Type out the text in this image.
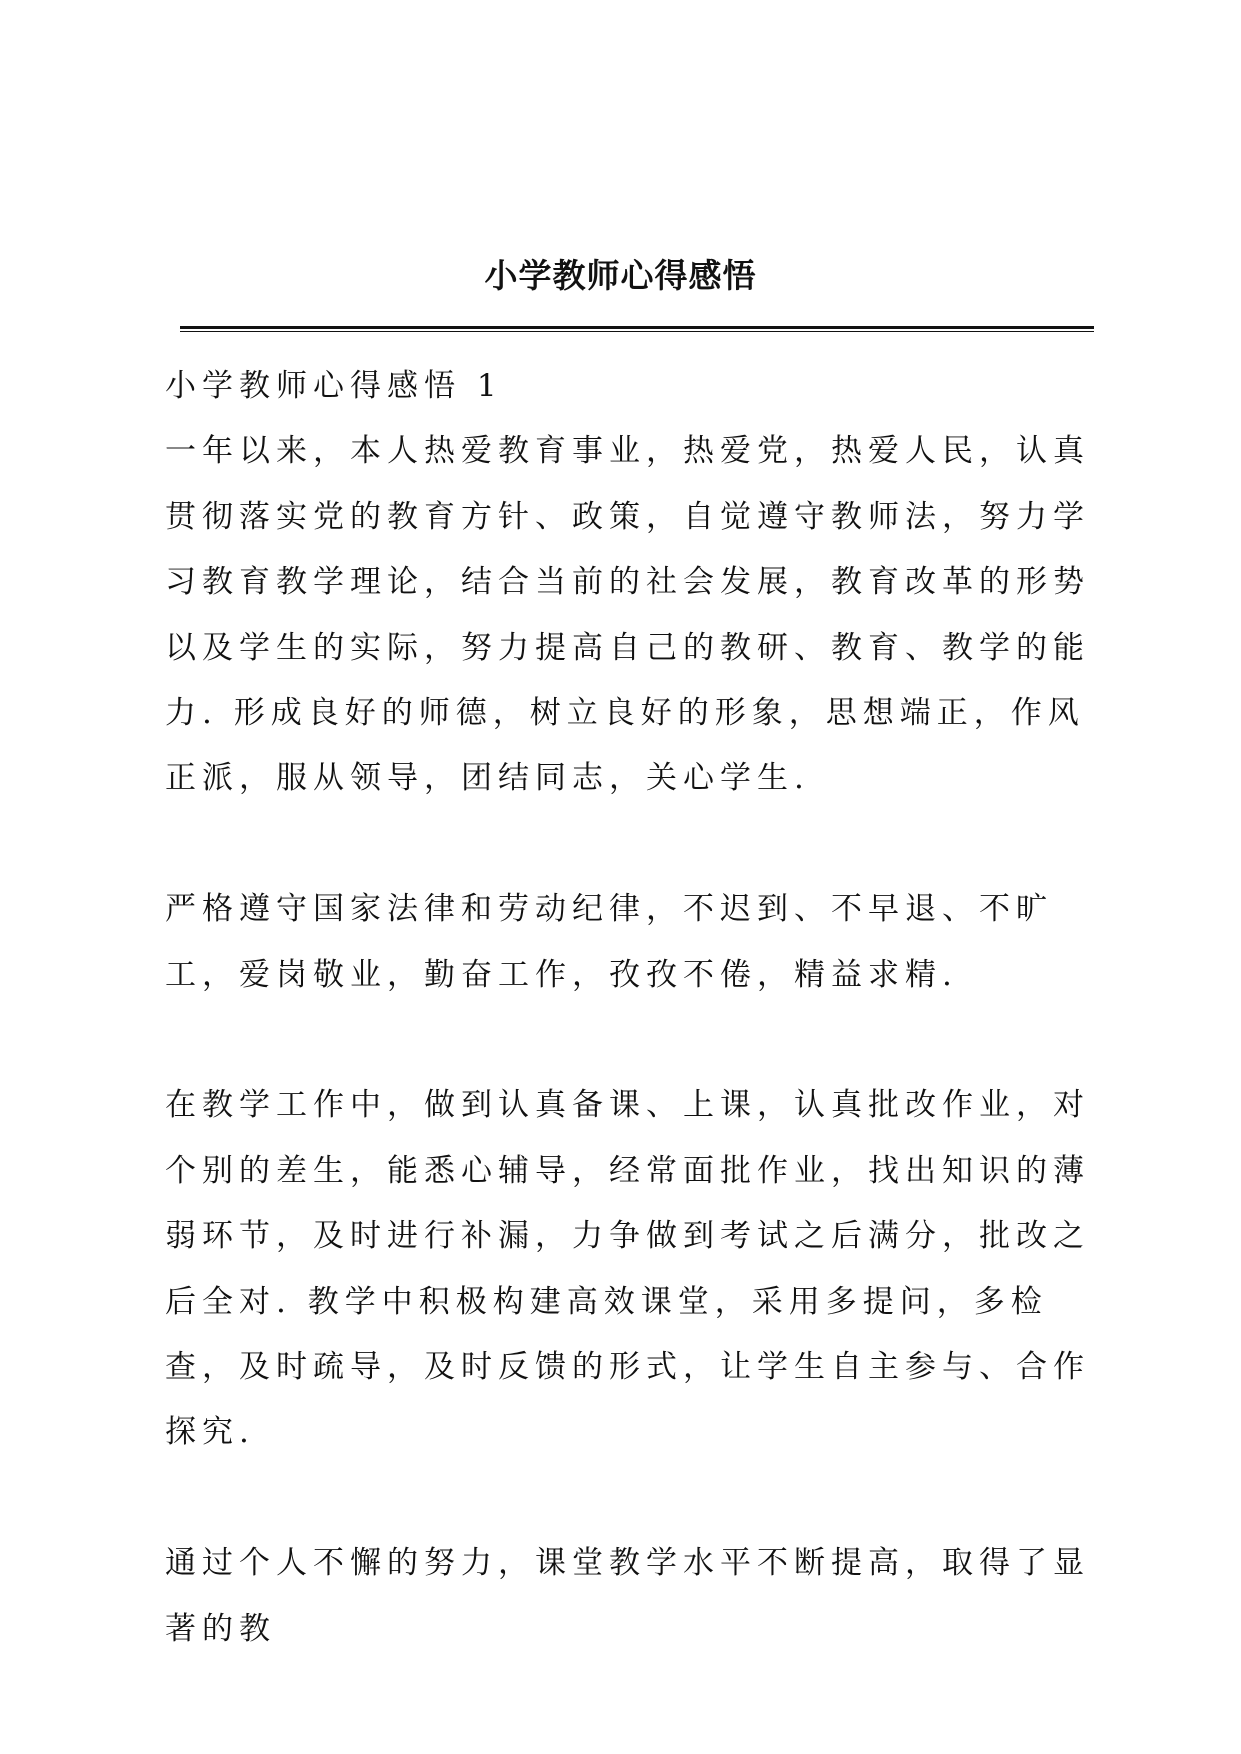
小学教师心得感悟

小学教师心得感悟 1

一年以来，本人热爱教育事业，热爱党，热爱人民，认真贯彻落实党的教育方针、政策，自觉遵守教师法，努力学习教育教学理论，结合当前的社会发展，教育改革的形势以及学生的实际，努力提高自己的教研、教育、教学的能力. 形成良好的师德，树立良好的形象，思想端正，作风正派，服从领导，团结同志，关心学生.

严格遵守国家法律和劳动纪律，不迟到、不早退、不旷工，爱岗敬业，勤奋工作，孜孜不倦，精益求精.

在教学工作中，做到认真备课、上课，认真批改作业，对个别的差生，能悉心辅导，经常面批作业，找出知识的薄弱环节，及时进行补漏，力争做到考试之后满分，批改之后全对. 教学中积极构建高效课堂，采用多提问，多检查，及时疏导，及时反馈的形式，让学生自主参与、合作探究.

通过个人不懈的努力，课堂教学水平不断提高，取得了显著的教
